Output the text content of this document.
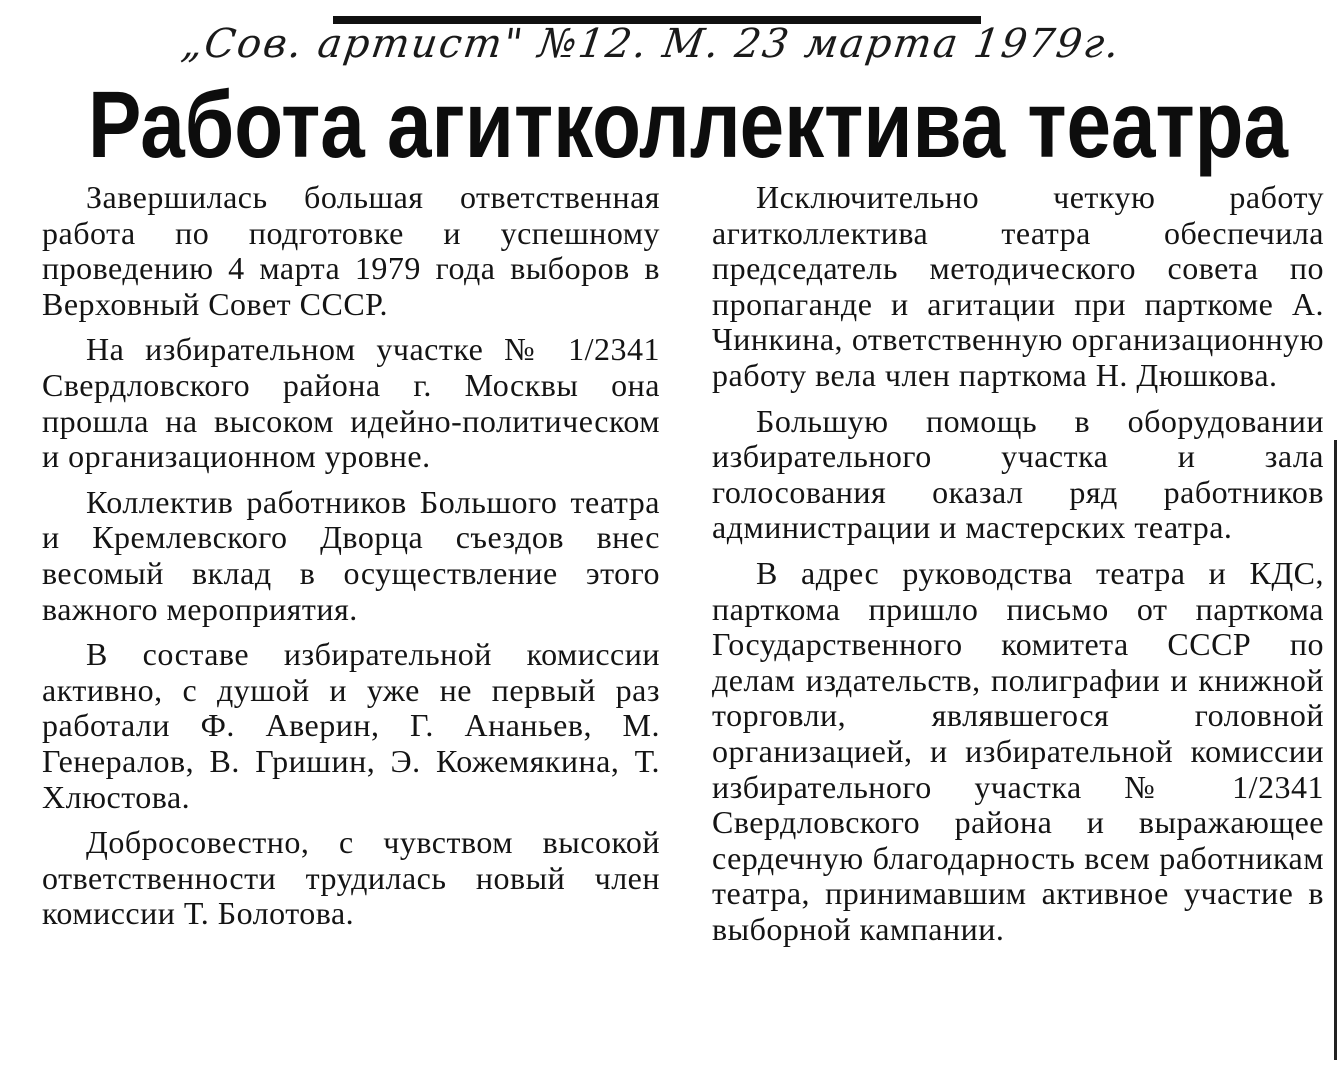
„Сов. артист" №12. М. 23 марта 1979г.
Работа агитколлектива театра

Завершилась большая ответственная работа по подготовке и успешному проведению 4 марта 1979 года выборов в Верховный Совет СССР.

На избирательном участке № 1/2341 Свердловского района г. Москвы она прошла на высоком идейно-политическом и организационном уровне.

Коллектив работников Большого театра и Кремлевского Дворца съездов внес весомый вклад в осуществление этого важного мероприятия.

В составе избирательной комиссии активно, с душой и уже не первый раз работали Ф. Аверин, Г. Ананьев, М. Генералов, В. Гришин, Э. Кожемякина, Т. Хлюстова.

Добросовестно, с чувством высокой ответственности трудилась новый член комиссии Т. Болотова.

Исключительно четкую работу агитколлектива театра обеспечила председатель методического совета по пропаганде и агитации при парткоме А. Чинкина, ответственную организационную работу вела член парткома Н. Дюшкова.

Большую помощь в оборудовании избирательного участка и зала голосования оказал ряд работников администрации и мастерских театра.

В адрес руководства театра и КДС, парткома пришло письмо от парткома Государственного комитета СССР по делам издательств, полиграфии и книжной торговли, являвшегося головной организацией, и избирательной комиссии избирательного участка № 1/2341 Свердловского района и выражающее сердечную благодарность всем работникам театра, принимавшим активное участие в выборной кампании.
